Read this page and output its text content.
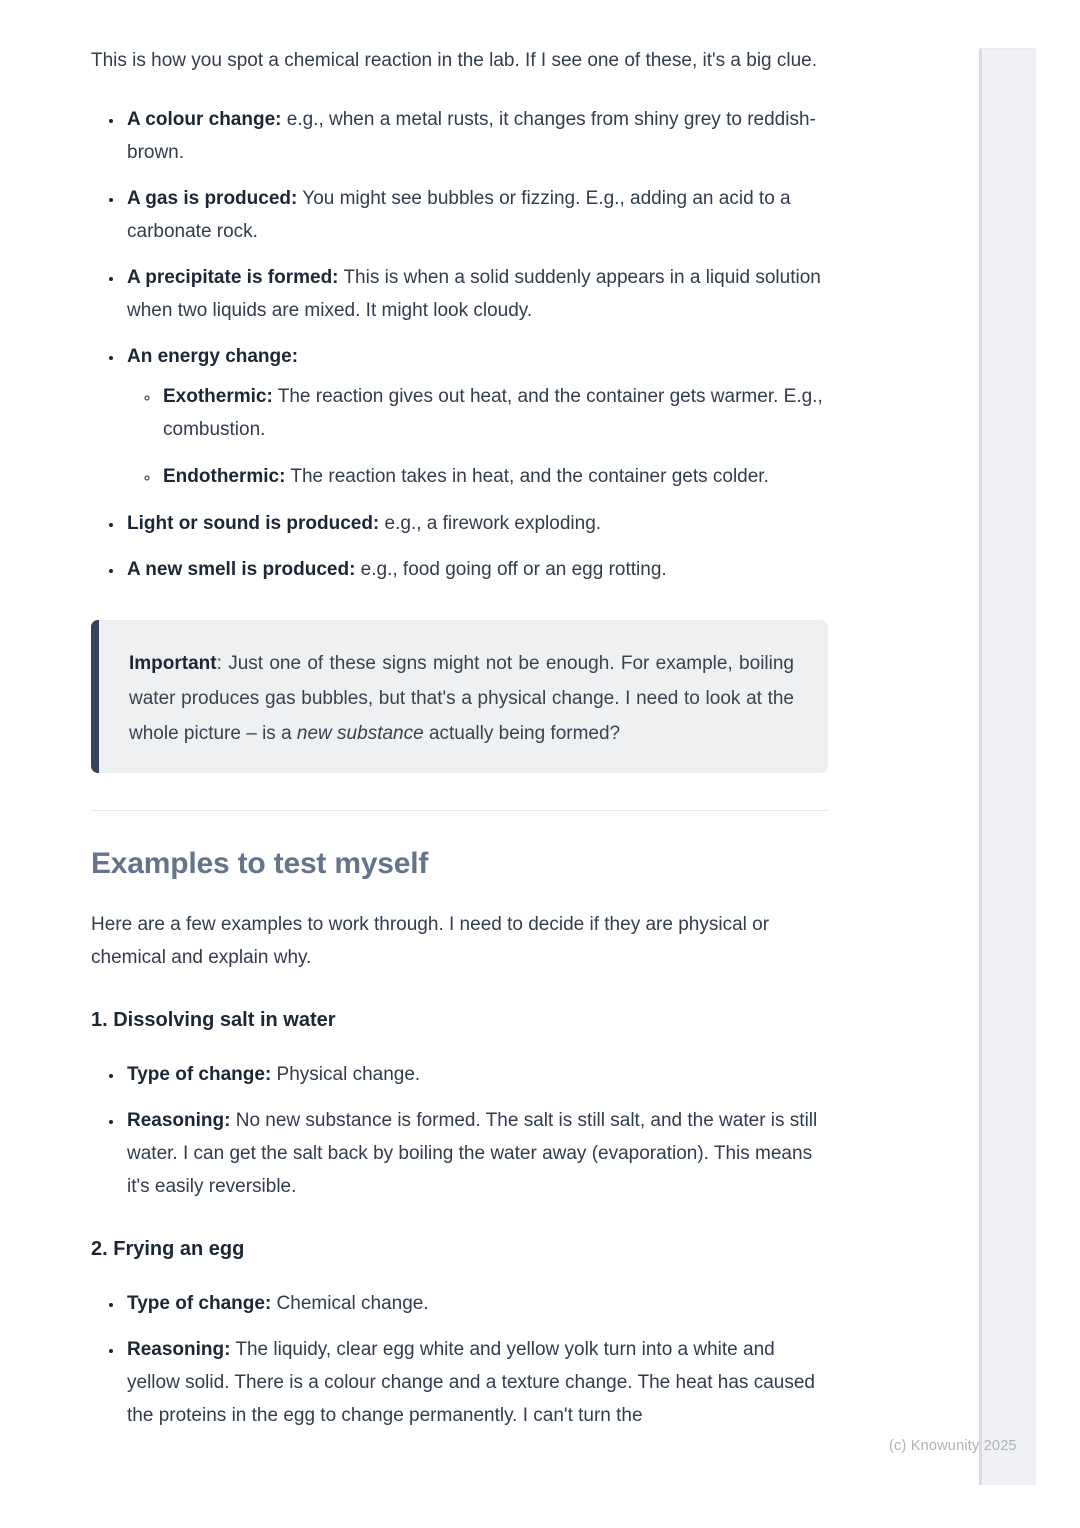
(c) Knowunity 2025

This is how you spot a chemical reaction in the lab. If I see one of these, it's a big clue.

• A colour change: e.g., when a metal rusts, it changes from shiny grey to reddish-brown.
• A gas is produced: You might see bubbles or fizzing. E.g., adding an acid to a carbonate rock.
• A precipitate is formed: This is when a solid suddenly appears in a liquid solution when two liquids are mixed. It might look cloudy.
• An energy change:
◦ Exothermic: The reaction gives out heat, and the container gets warmer. E.g., combustion.
◦ Endothermic: The reaction takes in heat, and the container gets colder.
• Light or sound is produced: e.g., a firework exploding.
• A new smell is produced: e.g., food going off or an egg rotting.
Important: Just one of these signs might not be enough. For example, boiling water produces gas bubbles, but that's a physical change. I need to look at the whole picture – is a new substance actually being formed?
Examples to test myself

Here are a few examples to work through. I need to decide if they are physical or chemical and explain why.

1. Dissolving salt in water
• Type of change: Physical change.
• Reasoning: No new substance is formed. The salt is still salt, and the water is still water. I can get the salt back by boiling the water away (evaporation). This means it's easily reversible.
2. Frying an egg
• Type of change: Chemical change.
• Reasoning: The liquidy, clear egg white and yellow yolk turn into a white and yellow solid. There is a colour change and a texture change. The heat has caused the proteins in the egg to change permanently. I can't turn the
